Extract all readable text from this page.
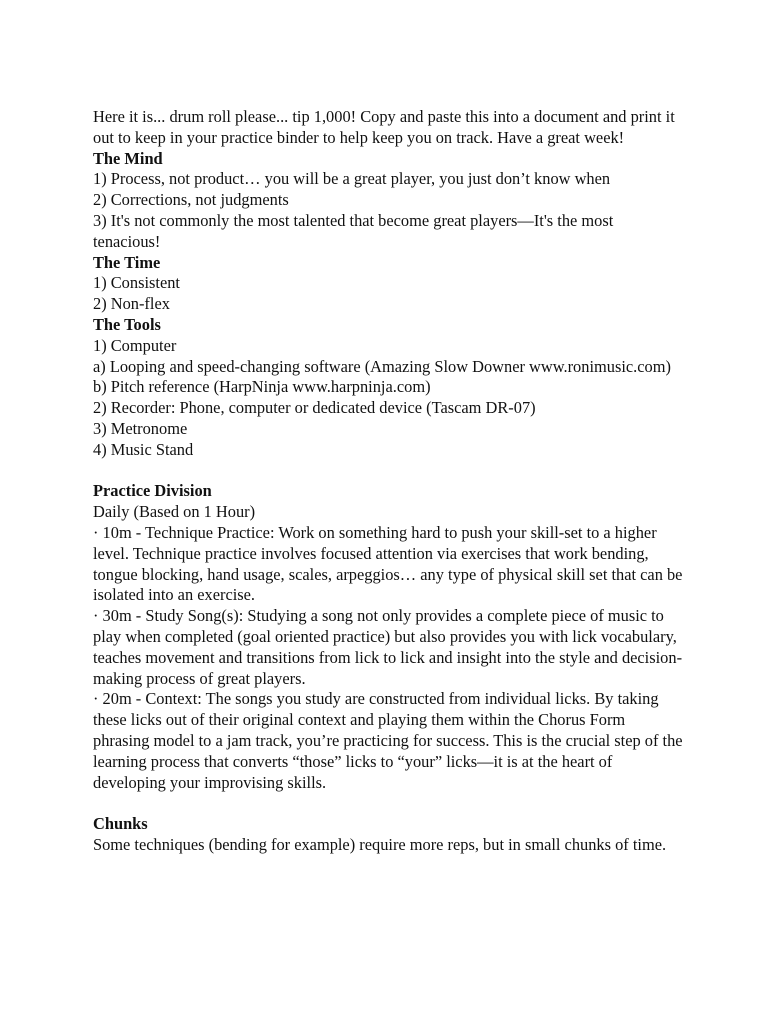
Here it is... drum roll please... tip 1,000! Copy and paste this into a document and print it out to keep in your practice binder to help keep you on track. Have a great week!
The Mind
1) Process, not product… you will be a great player, you just don’t know when
2) Corrections, not judgments
3) It's not commonly the most talented that become great players—It's the most tenacious!
The Time
1) Consistent
2) Non-flex
The Tools
1) Computer
a) Looping and speed-changing software (Amazing Slow Downer www.ronimusic.com)
b) Pitch reference (HarpNinja www.harpninja.com)
2) Recorder: Phone, computer or dedicated device (Tascam DR-07)
3) Metronome
4) Music Stand
Practice Division
Daily (Based on 1 Hour)
· 10m - Technique Practice: Work on something hard to push your skill-set to a higher level. Technique practice involves focused attention via exercises that work bending, tongue blocking, hand usage, scales, arpeggios… any type of physical skill set that can be isolated into an exercise.
· 30m - Study Song(s): Studying a song not only provides a complete piece of music to play when completed (goal oriented practice) but also provides you with lick vocabulary, teaches movement and transitions from lick to lick and insight into the style and decision-making process of great players.
· 20m - Context: The songs you study are constructed from individual licks. By taking these licks out of their original context and playing them within the Chorus Form phrasing model to a jam track, you’re practicing for success. This is the crucial step of the learning process that converts “those” licks to “your” licks—it is at the heart of developing your improvising skills.
Chunks
Some techniques (bending for example) require more reps, but in small chunks of time.
